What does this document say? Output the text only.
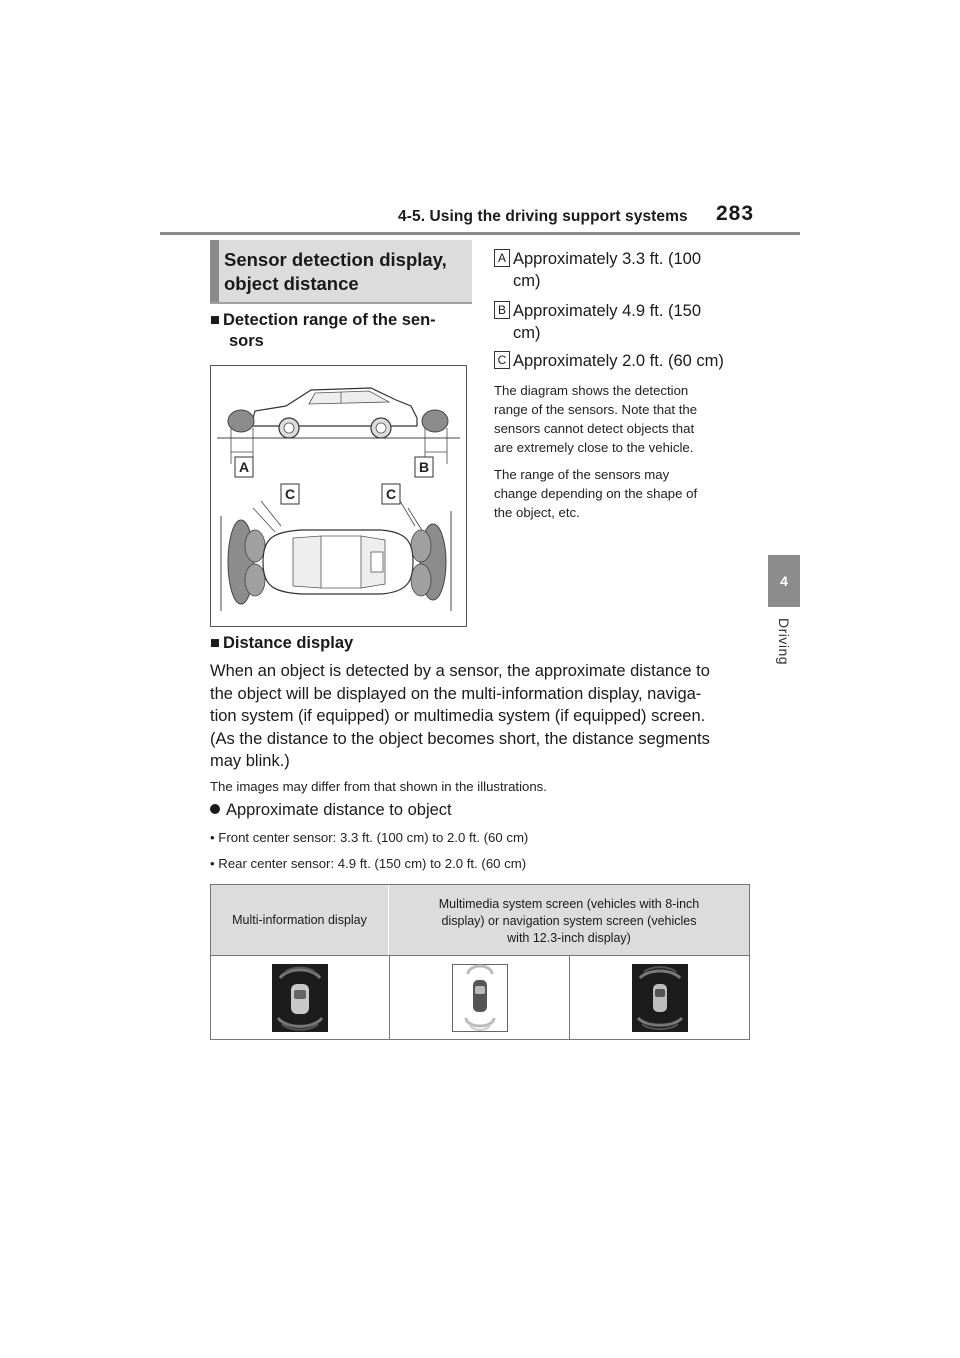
4-5. Using the driving support systems 283
4
Driving
Sensor detection display, object distance
■ Detection range of the sen-
sors
A	B
C	C
A Approximately 3.3 ft. (100
cm)
B Approximately 4.9 ft. (150
cm)
C Approximately 2.0 ft. (60 cm)
The diagram shows the detection
range of the sensors. Note that the
sensors cannot detect objects that
are extremely close to the vehicle.
The range of the sensors may
change depending on the shape of
the object, etc.
■ Distance display
When an object is detected by a sensor, the approximate distance to
the object will be displayed on the multi-information display, naviga-
tion system (if equipped) or multimedia system (if equipped) screen.
(As the distance to the object becomes short, the distance segments
may blink.)
The images may differ from that shown in the illustrations.
Approximate distance to object
• Front center sensor: 3.3 ft. (100 cm) to 2.0 ft. (60 cm)
• Rear center sensor: 4.9 ft. (150 cm) to 2.0 ft. (60 cm)
Multi-information display
Multimedia system screen (vehicles with 8-inch
display) or navigation system screen (vehicles
with 12.3-inch display)
